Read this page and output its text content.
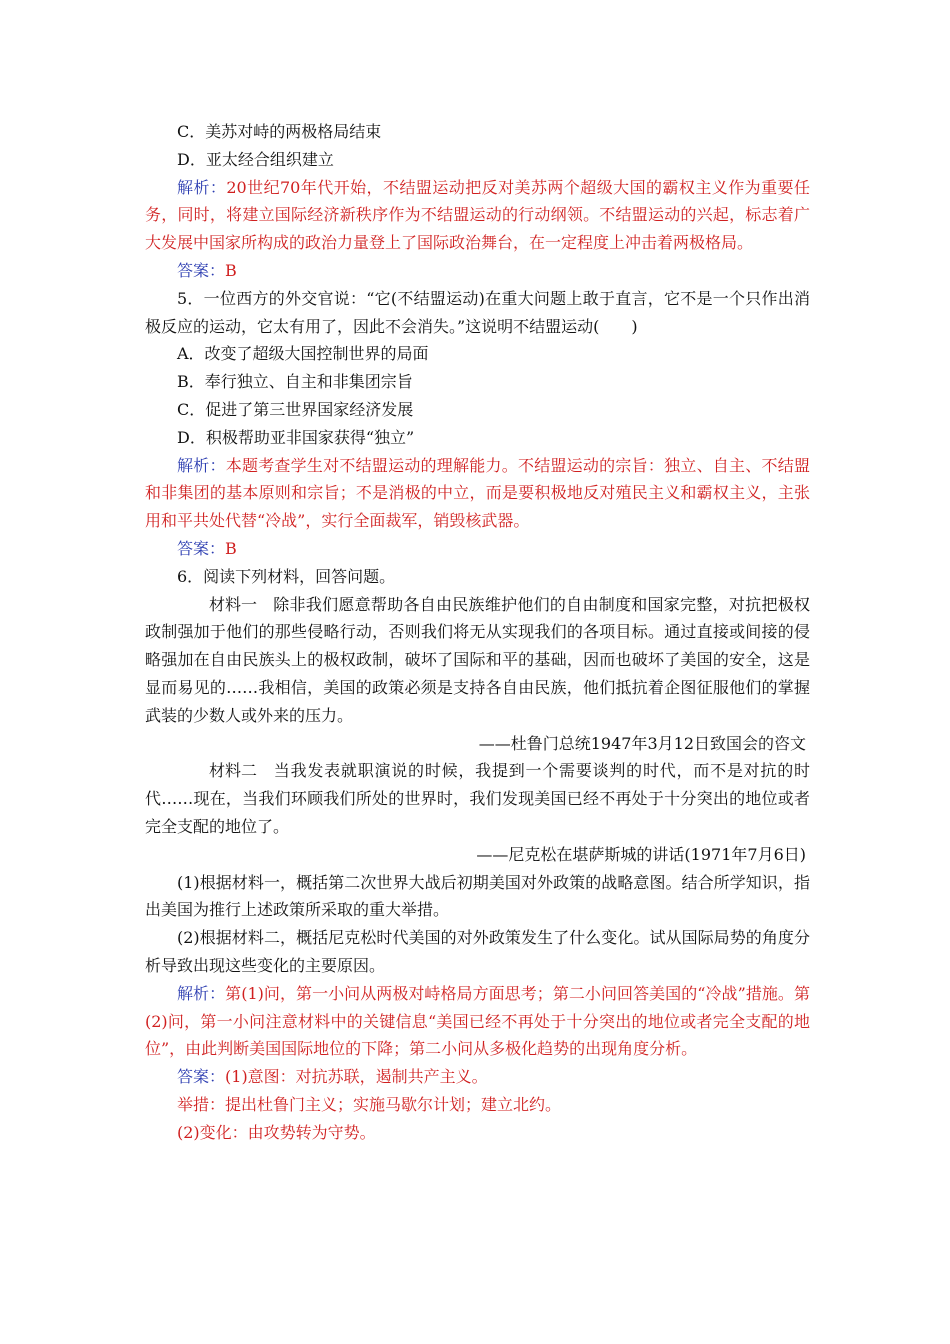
C．美苏对峙的两极格局结束

D．亚太经合组织建立

解析：20世纪70年代开始，不结盟运动把反对美苏两个超级大国的霸权主义作为重要任务，同时，将建立国际经济新秩序作为不结盟运动的行动纲领。不结盟运动的兴起，标志着广大发展中国家所构成的政治力量登上了国际政治舞台，在一定程度上冲击着两极格局。

答案：B

5．一位西方的外交官说：“它(不结盟运动)在重大问题上敢于直言，它不是一个只作出消极反应的运动，它太有用了，因此不会消失。”这说明不结盟运动(　　)

A．改变了超级大国控制世界的局面

B．奉行独立、自主和非集团宗旨

C．促进了第三世界国家经济发展

D．积极帮助亚非国家获得“独立”

解析：本题考查学生对不结盟运动的理解能力。不结盟运动的宗旨：独立、自主、不结盟和非集团的基本原则和宗旨；不是消极的中立，而是要积极地反对殖民主义和霸权主义，主张用和平共处代替“冷战”，实行全面裁军，销毁核武器。

答案：B

6．阅读下列材料，回答问题。

材料一 除非我们愿意帮助各自由民族维护他们的自由制度和国家完整，对抗把极权政制强加于他们的那些侵略行动，否则我们将无从实现我们的各项目标。通过直接或间接的侵略强加在自由民族头上的极权政制，破坏了国际和平的基础，因而也破坏了美国的安全，这是显而易见的……我相信，美国的政策必须是支持各自由民族，他们抵抗着企图征服他们的掌握武装的少数人或外来的压力。

——杜鲁门总统1947年3月12日致国会的咨文

材料二 当我发表就职演说的时候，我提到一个需要谈判的时代，而不是对抗的时代……现在，当我们环顾我们所处的世界时，我们发现美国已经不再处于十分突出的地位或者完全支配的地位了。

——尼克松在堪萨斯城的讲话(1971年7月6日)

(1)根据材料一，概括第二次世界大战后初期美国对外政策的战略意图。结合所学知识，指出美国为推行上述政策所采取的重大举措。

(2)根据材料二，概括尼克松时代美国的对外政策发生了什么变化。试从国际局势的角度分析导致出现这些变化的主要原因。

解析：第(1)问，第一小问从两极对峙格局方面思考；第二小问回答美国的“冷战”措施。第(2)问，第一小问注意材料中的关键信息“美国已经不再处于十分突出的地位或者完全支配的地位”，由此判断美国国际地位的下降；第二小问从多极化趋势的出现角度分析。

答案：(1)意图：对抗苏联，遏制共产主义。

举措：提出杜鲁门主义；实施马歇尔计划；建立北约。

(2)变化：由攻势转为守势。
